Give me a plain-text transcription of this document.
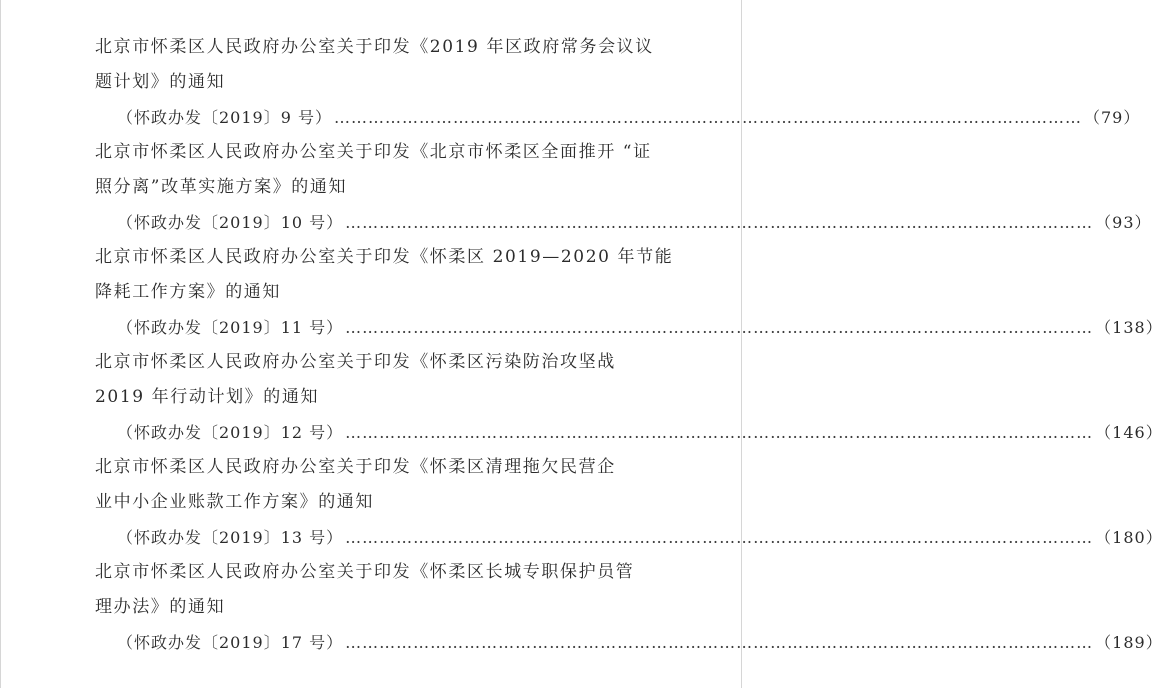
北京市怀柔区人民政府办公室关于印发《2019 年区政府常务会议议
题计划》的通知
（怀政办发〔2019〕9 号） …………………………………………………………………………………………………………………… （79）
北京市怀柔区人民政府办公室关于印发《北京市怀柔区全面推开 “证
照分离”改革实施方案》的通知
（怀政办发〔2019〕10 号） …………………………………………………………………………………………………………………… （93）
北京市怀柔区人民政府办公室关于印发《怀柔区 2019—2020 年节能
降耗工作方案》的通知
（怀政办发〔2019〕11 号） …………………………………………………………………………………………………………………… （138）
北京市怀柔区人民政府办公室关于印发《怀柔区污染防治攻坚战
2019 年行动计划》的通知
（怀政办发〔2019〕12 号） …………………………………………………………………………………………………………………… （146）
北京市怀柔区人民政府办公室关于印发《怀柔区清理拖欠民营企
业中小企业账款工作方案》的通知
（怀政办发〔2019〕13 号） …………………………………………………………………………………………………………………… （180）
北京市怀柔区人民政府办公室关于印发《怀柔区长城专职保护员管
理办法》的通知
（怀政办发〔2019〕17 号） …………………………………………………………………………………………………………………… （189）
